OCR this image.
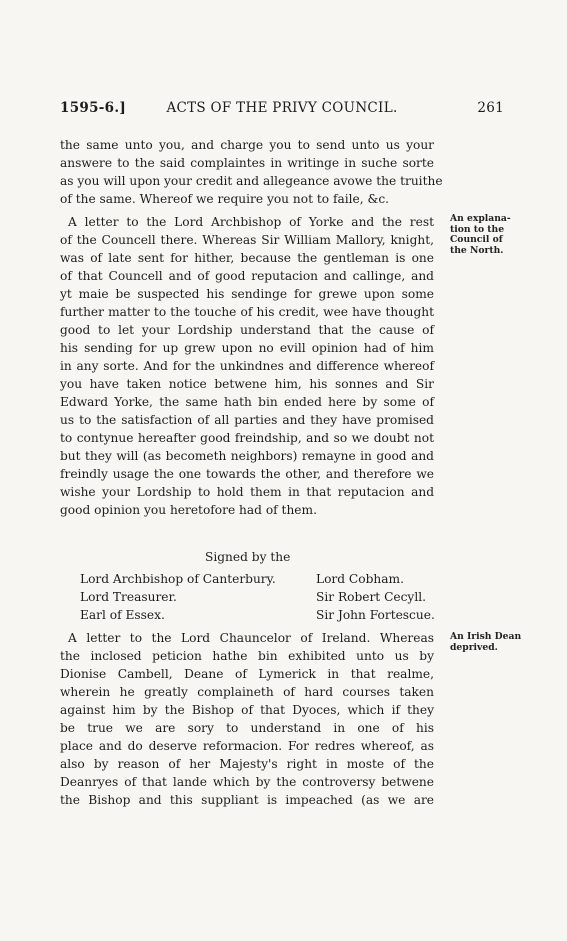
1595-6.]	ACTS OF THE PRIVY COUNCIL.	261
the same unto you, and charge you to send unto us your
answere to the said complaintes in writinge in suche sorte
as you will upon your credit and allegeance avowe the truithe
of the same. Whereof we require you not to faile, &c.
A letter to the Lord Archbishop of Yorke and the rest
of the Councell there. Whereas Sir William Mallory, knight,
was of late sent for hither, because the gentleman is one
of that Councell and of good reputacion and callinge, and
yt maie be suspected his sendinge for grewe upon some
further matter to the touche of his credit, wee have thought
good to let your Lordship understand that the cause of
his sending for up grew upon no evill opinion had of him
in any sorte. And for the unkindnes and difference whereof
you have taken notice betwene him, his sonnes and Sir
Edward Yorke, the same hath bin ended here by some of
us to the satisfaction of all parties and they have promised
to contynue hereafter good freindship, and so we doubt not
but they will (as becometh neighbors) remayne in good and
freindly usage the one towards the other, and therefore we
wishe your Lordship to hold them in that reputacion and
good opinion you heretofore had of them.
An explana-tion to the Council of the North.
Signed by the
Lord Archbishop of Canterbury.
Lord Treasurer.
Earl of Essex.
Lord Cobham.
Sir Robert Cecyll.
Sir John Fortescue.
A letter to the Lord Chauncelor of Ireland. Whereas
the inclosed peticion hathe bin exhibited unto us by
Dionise Cambell, Deane of Lymerick in that realme,
wherein he greatly complaineth of hard courses taken
against him by the Bishop of that Dyoces, which if they
be true we are sory to understand in one of his
place and do deserve reformacion. For redres whereof, as
also by reason of her Majesty's right in moste of the
Deanryes of that lande which by the controversy betwene
the Bishop and this suppliant is impeached (as we are
An Irish Dean deprived.
